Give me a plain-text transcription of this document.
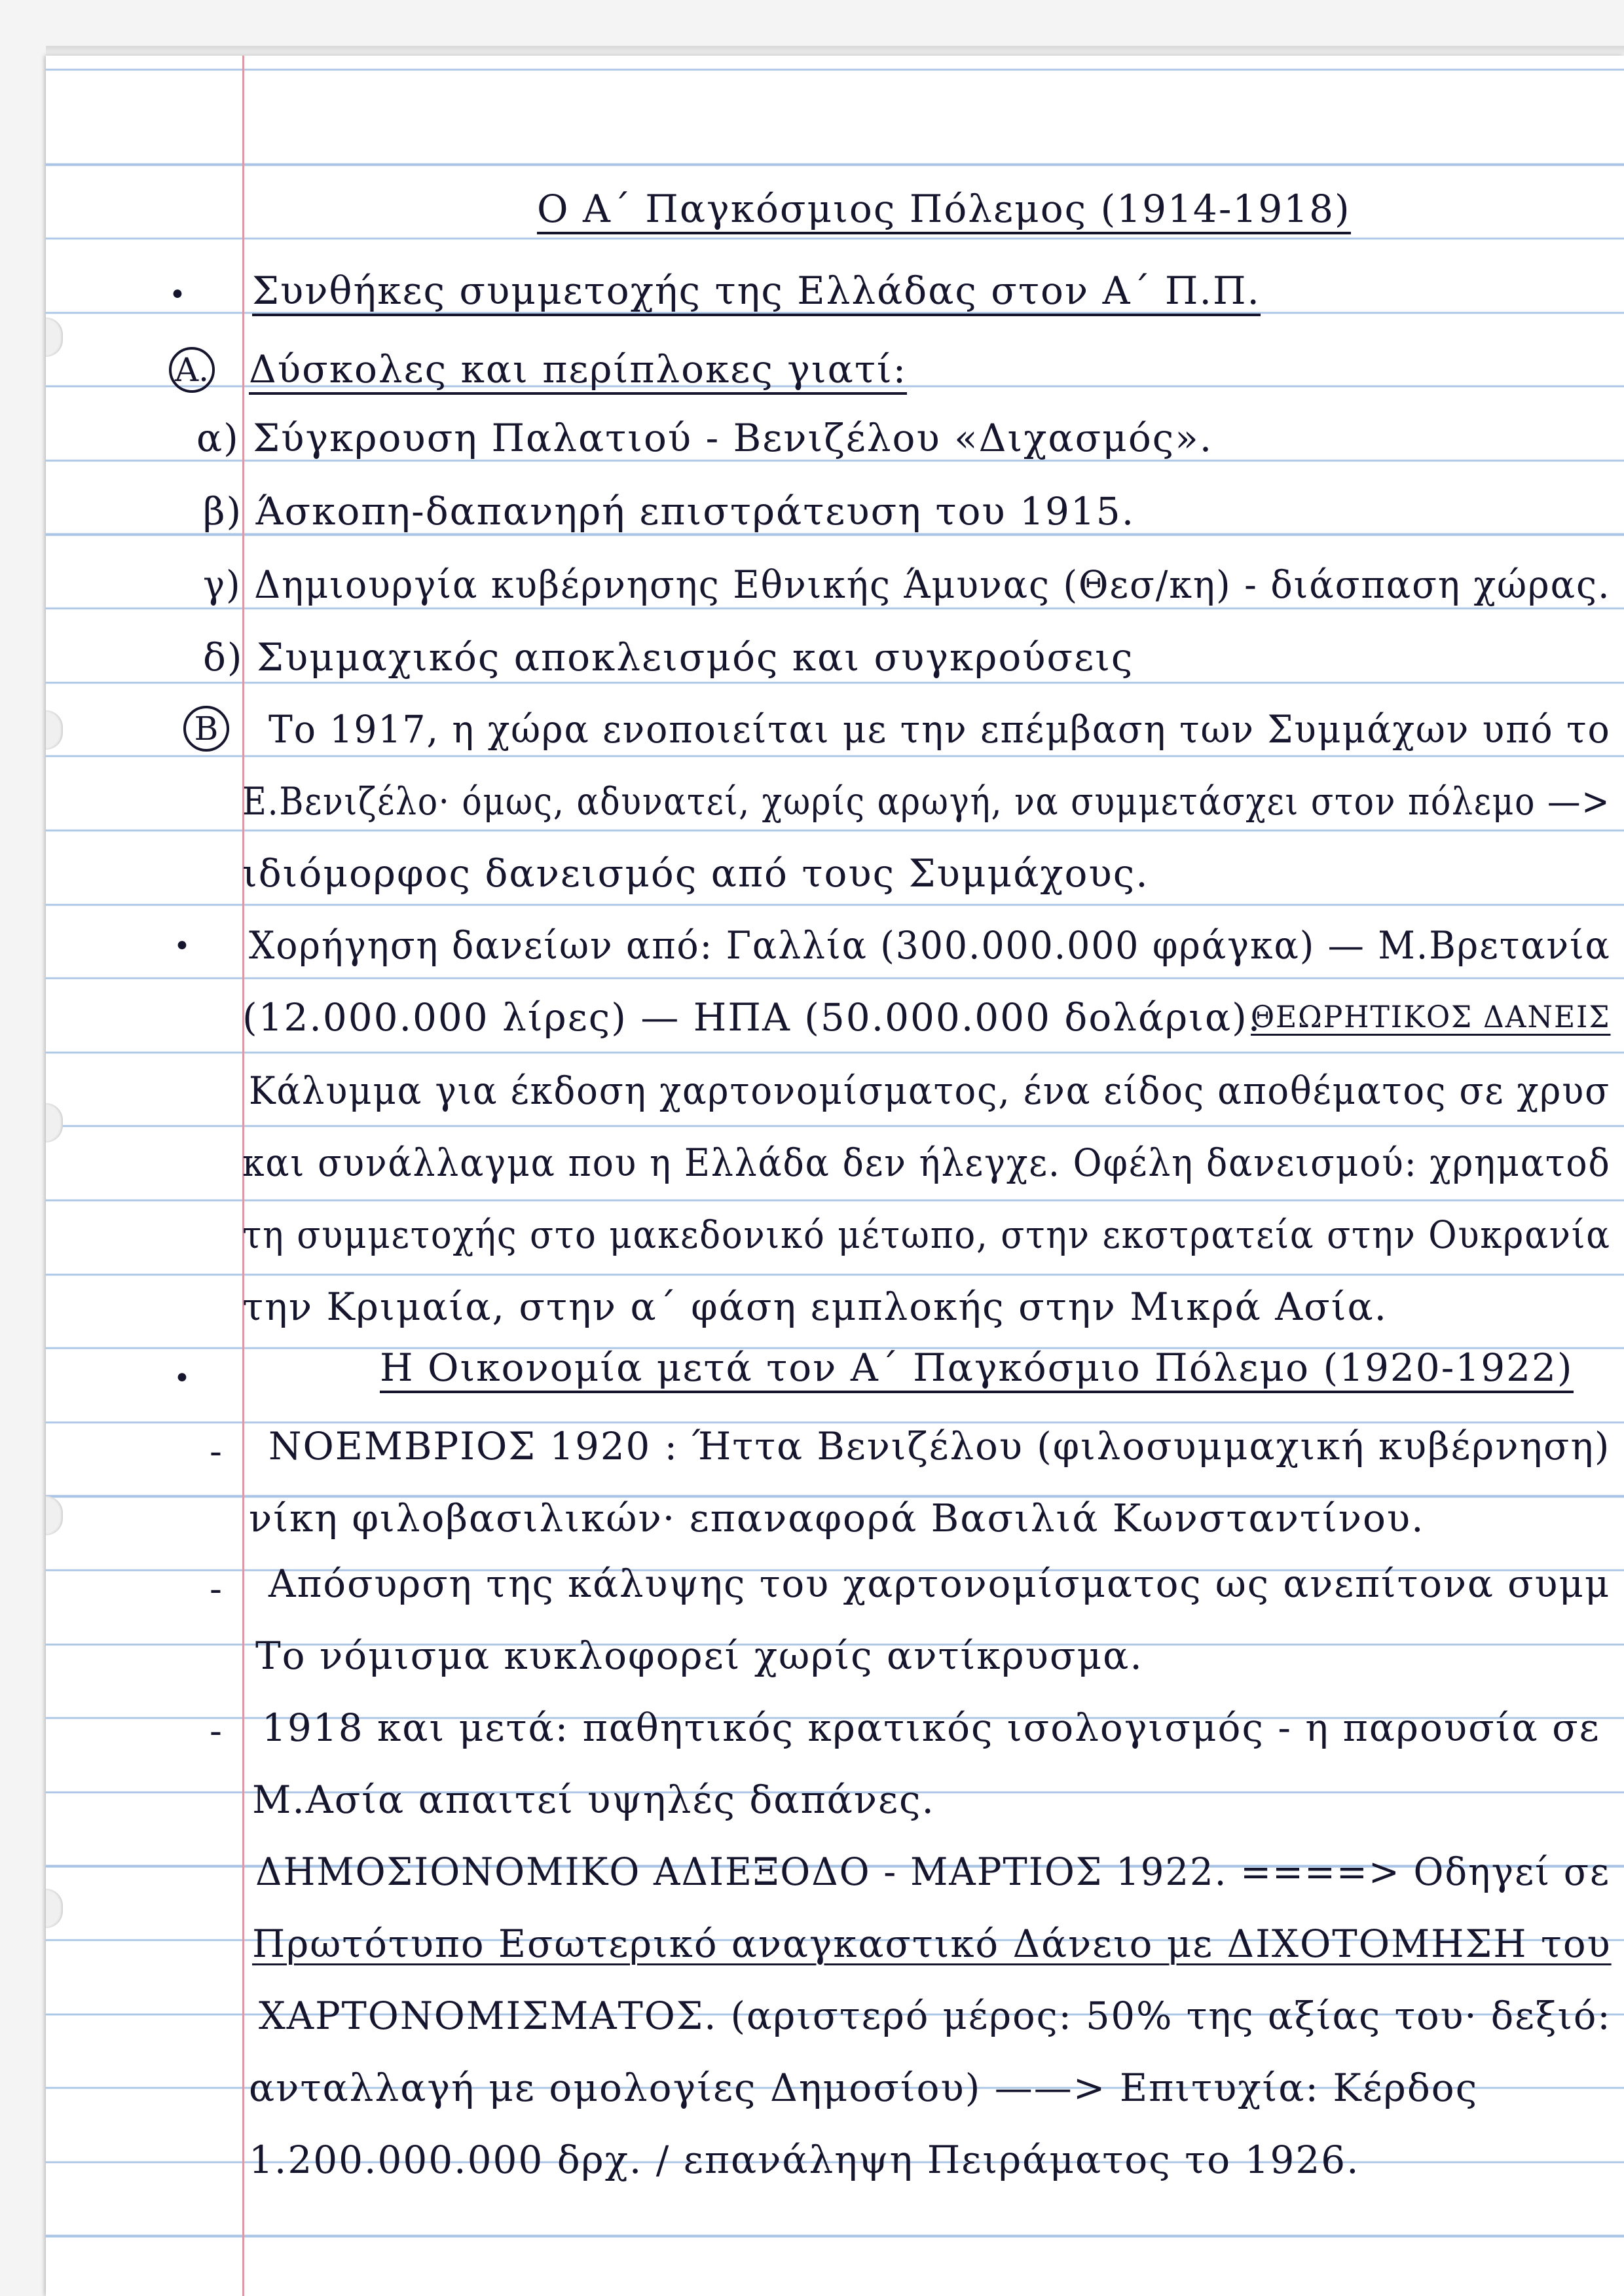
Ο Α΄ Παγκόσμιος Πόλεμος (1914-1918)
• Συνθήκες συμμετοχής της Ελλάδας στον Α΄ Π.Π.
A. Δύσκολες και περίπλοκες γιατί:
α) Σύγκρουση Παλατιού - Βενιζέλου «Διχασμός».
β) Άσκοπη-δαπανηρή επιστράτευση του 1915.
γ) Δημιουργία κυβέρνησης Εθνικής Άμυνας (Θεσ/κη) - διάσπαση χώρας.
δ) Συμμαχικός αποκλεισμός και συγκρούσεις
B Το 1917, η χώρα ενοποιείται με την επέμβαση των Συμμάχων υπό το
Ε.Βενιζέλο· όμως, αδυνατεί, χωρίς αρωγή, να συμμετάσχει στον πόλεμο —>
ιδιόμορφος δανεισμός από τους Συμμάχους.
• Χορήγηση δανείων από: Γαλλία (300.000.000 φράγκα) — Μ.Βρετανία
(12.000.000 λίρες) — ΗΠΑ (50.000.000 δολάρια).
ΘΕΩΡΗΤΙΚΟΣ ΔΑΝΕΙΣ
Κάλυμμα για έκδοση χαρτονομίσματος, ένα είδος αποθέματος σε χρυσ
και συνάλλαγμα που η Ελλάδα δεν ήλεγχε. Οφέλη δανεισμού: χρηματοδ
τη συμμετοχής στο μακεδονικό μέτωπο, στην εκστρατεία στην Ουκρανία
την Κριμαία, στην α΄ φάση εμπλοκής στην Μικρά Ασία.
•	Η Οικονομία μετά τον Α΄ Παγκόσμιο Πόλεμο (1920-1922)
- ΝΟΕΜΒΡΙΟΣ 1920 : Ήττα Βενιζέλου (φιλοσυμμαχική κυβέρνηση)
νίκη φιλοβασιλικών· επαναφορά Βασιλιά Κωνσταντίνου.
- Απόσυρση της κάλυψης του χαρτονομίσματος ως ανεπίτονα συμμ
Το νόμισμα κυκλοφορεί χωρίς αντίκρυσμα.
- 1918 και μετά: παθητικός κρατικός ισολογισμός - η παρουσία σε
Μ.Ασία απαιτεί υψηλές δαπάνες.
ΔΗΜΟΣΙΟΝΟΜΙΚΟ ΑΔΙΕΞΟΔΟ - ΜΑΡΤΙΟΣ 1922. ====> Οδηγεί σε
Πρωτότυπο Εσωτερικό αναγκαστικό Δάνειο με ΔΙΧΟΤΟΜΗΣΗ του
ΧΑΡΤΟΝΟΜΙΣΜΑΤΟΣ. (αριστερό μέρος: 50% της αξίας του· δεξιό:
ανταλλαγή με ομολογίες Δημοσίου) ——> Επιτυχία: Κέρδος
1.200.000.000 δρχ. / επανάληψη Πειράματος το 1926.
